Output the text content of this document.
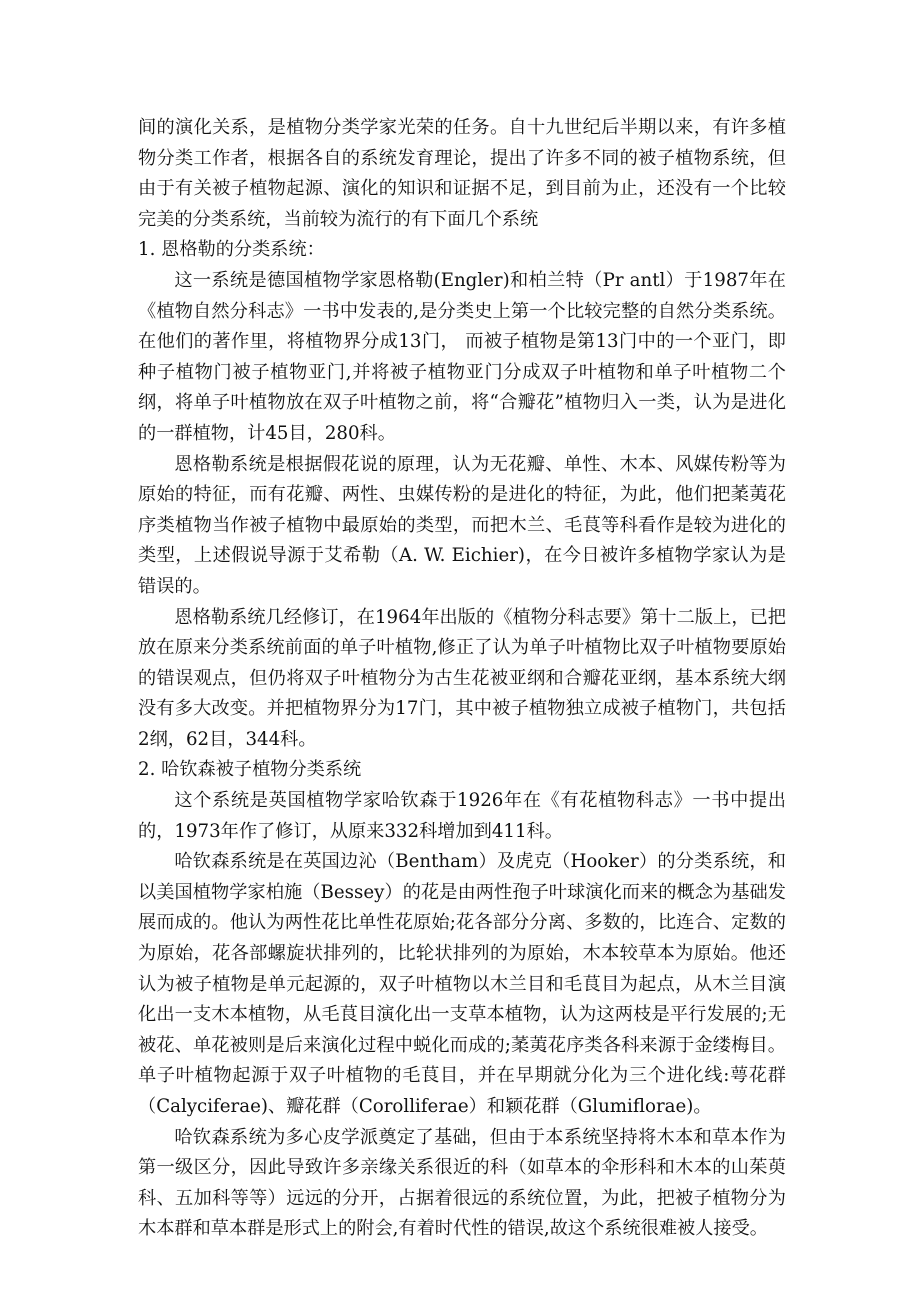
间的演化关系，是植物分类学家光荣的任务。自十九世纪后半期以来，有许多植物分类工作者，根据各自的系统发育理论，提出了许多不同的被子植物系统，但由于有关被子植物起源、演化的知识和证据不足，到目前为止，还没有一个比较完美的分类系统，当前较为流行的有下面几个系统

1. 恩格勒的分类系统：

这一系统是德国植物学家恩格勒(Engler)和柏兰特（Pr antl）于1987年在《植物自然分科志》一书中发表的,是分类史上第一个比较完整的自然分类系统。在他们的著作里，将植物界分成13门， 而被子植物是第13门中的一个亚门，即种子植物门被子植物亚门,并将被子植物亚门分成双子叶植物和单子叶植物二个纲，将单子叶植物放在双子叶植物之前，将“合瓣花”植物归入一类，认为是进化的一群植物，计45目，280科。

恩格勒系统是根据假花说的原理，认为无花瓣、单性、木本、风媒传粉等为原始的特征，而有花瓣、两性、虫媒传粉的是进化的特征，为此，他们把葇荑花序类植物当作被子植物中最原始的类型，而把木兰、毛茛等科看作是较为进化的类型，上述假说导源于艾希勒（A. W. Eichier)，在今日被许多植物学家认为是错误的。

恩格勒系统几经修订，在1964年出版的《植物分科志要》第十二版上，已把放在原来分类系统前面的单子叶植物,修正了认为单子叶植物比双子叶植物要原始的错误观点，但仍将双子叶植物分为古生花被亚纲和合瓣花亚纲，基本系统大纲没有多大改变。并把植物界分为17门，其中被子植物独立成被子植物门，共包括2纲，62目，344科。

2. 哈钦森被子植物分类系统

这个系统是英国植物学家哈钦森于1926年在《有花植物科志》一书中提出的，1973年作了修订，从原来332科增加到411科。

哈钦森系统是在英国边沁（Bentham）及虎克（Hooker）的分类系统，和以美国植物学家柏施（Bessey）的花是由两性孢子叶球演化而来的概念为基础发展而成的。他认为两性花比单性花原始;花各部分分离、多数的，比连合、定数的为原始，花各部螺旋状排列的，比轮状排列的为原始，木本较草本为原始。他还认为被子植物是单元起源的，双子叶植物以木兰目和毛茛目为起点，从木兰目演化出一支木本植物，从毛茛目演化出一支草本植物，认为这两枝是平行发展的;无被花、单花被则是后来演化过程中蜕化而成的;葇荑花序类各科来源于金缕梅目。单子叶植物起源于双子叶植物的毛茛目，并在早期就分化为三个进化线:萼花群（Calyciferae)、瓣花群（Corolliferae）和颖花群（Glumiflorae)。

哈钦森系统为多心皮学派奠定了基础，但由于本系统坚持将木本和草本作为第一级区分，因此导致许多亲缘关系很近的科（如草本的伞形科和木本的山茱萸科、五加科等等）远远的分开，占据着很远的系统位置，为此，把被子植物分为木本群和草本群是形式上的附会,有着时代性的错误,故这个系统很难被人接受。
